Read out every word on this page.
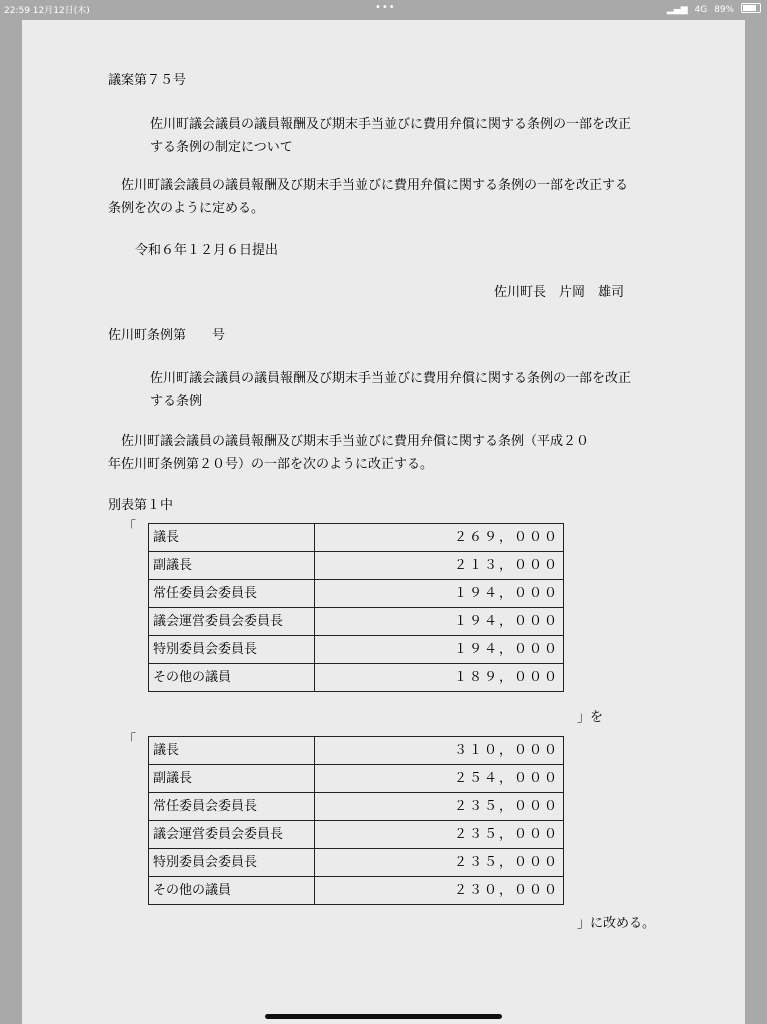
22:59 12月12日(木)	•••	▂▄▆ 4G 89%
議案第７５号
佐川町議会議員の議員報酬及び期末手当並びに費用弁償に関する条例の一部を改正
する条例の制定について
佐川町議会議員の議員報酬及び期末手当並びに費用弁償に関する条例の一部を改正する
条例を次のように定める。
令和６年１２月６日提出
佐川町長　片岡　雄司
佐川町条例第　　号
佐川町議会議員の議員報酬及び期末手当並びに費用弁償に関する条例の一部を改正
する条例
佐川町議会議員の議員報酬及び期末手当並びに費用弁償に関する条例（平成２０
年佐川町条例第２０号）の一部を次のように改正する。
別表第１中
「
議長	２６９，０００
副議長	２１３，０００
常任委員会委員長	１９４，０００
議会運営委員会委員長	１９４，０００
特別委員会委員長	１９４，０００
その他の議員	１８９，０００
」を
「
議長	３１０，０００
副議長	２５４，０００
常任委員会委員長	２３５，０００
議会運営委員会委員長	２３５，０００
特別委員会委員長	２３５，０００
その他の議員	２３０，０００
」に改める。
